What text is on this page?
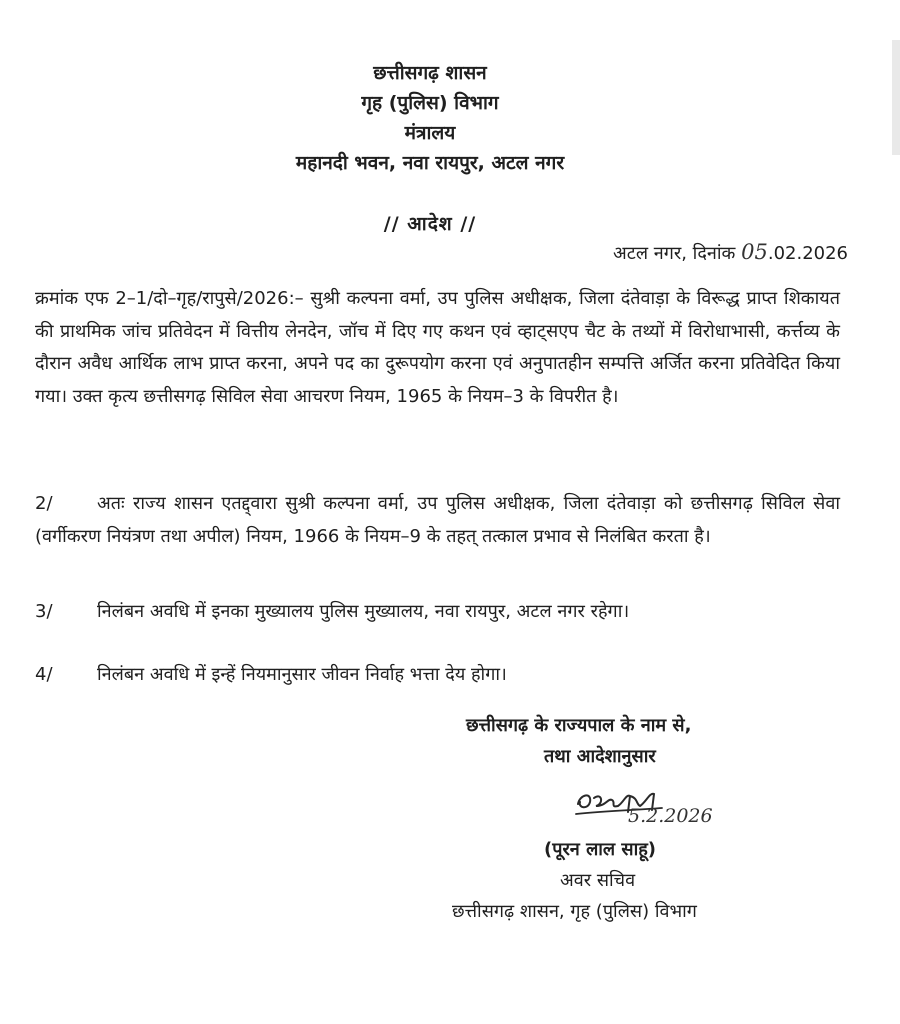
छत्तीसगढ़ शासन
गृह (पुलिस) विभाग
मंत्रालय
महानदी भवन, नवा रायपुर, अटल नगर
// आदेश //
अटल नगर, दिनांक 05.02.2026
क्रमांक एफ 2–1/दो–गृह/रापुसे/2026:– सुश्री कल्पना वर्मा, उप पुलिस अधीक्षक, जिला दंतेवाड़ा के विरूद्ध प्राप्त शिकायत की प्राथमिक जांच प्रतिवेदन में वित्तीय लेनदेन, जॉच में दिए गए कथन एवं व्हाट्सएप चैट के तथ्यों में विरोधाभासी, कर्त्तव्य के दौरान अवैध आर्थिक लाभ प्राप्त करना, अपने पद का दुरूपयोग करना एवं अनुपातहीन सम्पत्ति अर्जित करना प्रतिवेदित किया गया। उक्त कृत्य छत्तीसगढ़ सिविल सेवा आचरण नियम, 1965 के नियम–3 के विपरीत है।
2/ अतः राज्य शासन एतद्द्वारा सुश्री कल्पना वर्मा, उप पुलिस अधीक्षक, जिला दंतेवाड़ा को छत्तीसगढ़ सिविल सेवा (वर्गीकरण नियंत्रण तथा अपील) नियम, 1966 के नियम–9 के तहत् तत्काल प्रभाव से निलंबित करता है।
3/ निलंबन अवधि में इनका मुख्यालय पुलिस मुख्यालय, नवा रायपुर, अटल नगर रहेगा।
4/ निलंबन अवधि में इन्हें नियमानुसार जीवन निर्वाह भत्ता देय होगा।
छत्तीसगढ़ के राज्यपाल के नाम से,
तथा आदेशानुसार
5.2.2026
(पूरन लाल साहू)
अवर सचिव
छत्तीसगढ़ शासन, गृह (पुलिस) विभाग
